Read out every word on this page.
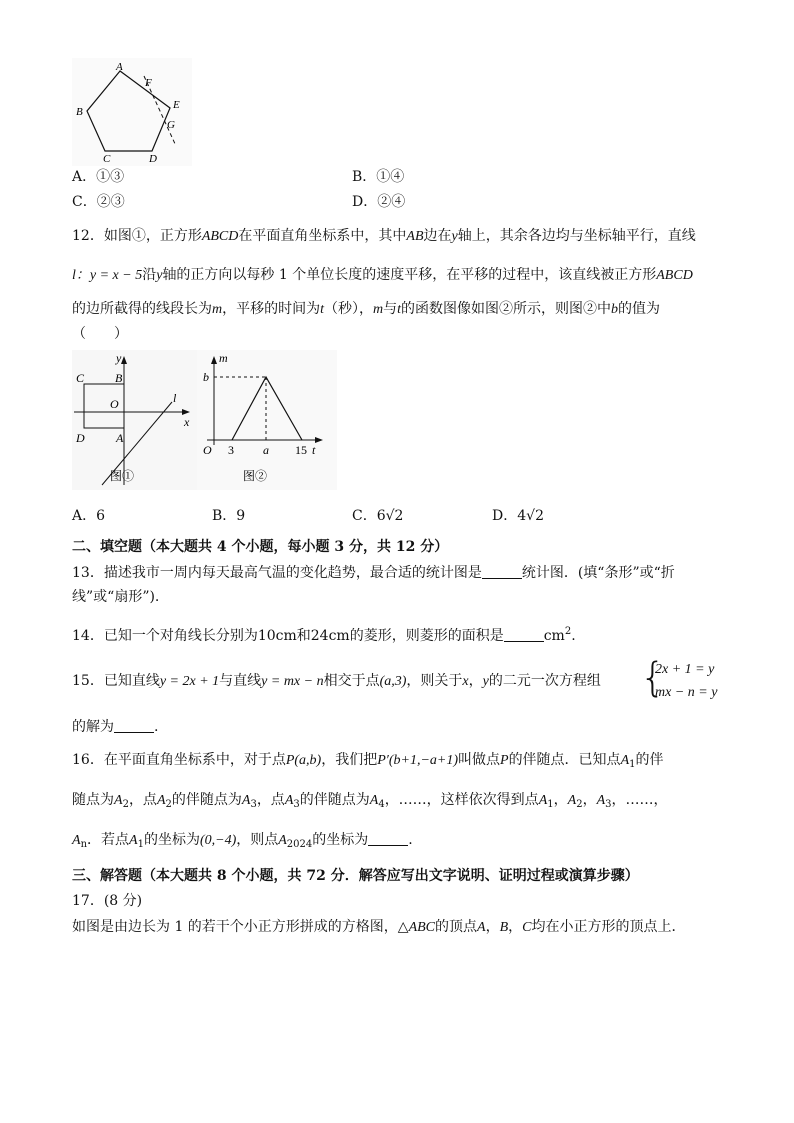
A
B
C	D
E
F
G
A．①③	B．①④
C．②③	D．②④
12．如图①，正方形ABCD在平面直角坐标系中，其中AB边在y轴上，其余各边均与坐标轴平行，直线
l：y = x − 5沿y轴的正方向以每秒 1 个单位长度的速度平移，在平移的过程中，该直线被正方形ABCD
的边所截得的线段长为m，平移的时间为t（秒），m与t的函数图像如图②所示，则图②中b的值为
（　　）
C	B
O
D	A
x
y
l
图①
m
b
O 3 a 15 t
图②
A．6	B．9	C．6√2	D．4√2
二、填空题（本大题共 4 个小题，每小题 3 分，共 12 分）
13．描述我市一周内每天最高气温的变化趋势，最合适的统计图是	统计图．(填“条形”或“折
线”或“扇形”).
14．已知一个对角线长分别为10cm和24cm的菱形，则菱形的面积是	$cm^2$.
15．已知直线y = 2x + 1与直线y = mx − n相交于点(a,3)，则关于x，y的二元一次方程组 {
2x + 1 = y
mx − n = y
的解为	.
16．在平面直角坐标系中，对于点P(a,b)，我们把P′(b+1,−a+1)叫做点P的伴随点．已知点$A_1$的伴
随点为$A_2$，点$A_2$的伴随点为$A_3$，点$A_3$的伴随点为$A_4$，……，这样依次得到点$A_1$，$A_2$，$A_3$，……，
$A_n$．若点$A_1$的坐标为(0,−4)，则点$A_{2024}$的坐标为	.
三、解答题（本大题共 8 个小题，共 72 分．解答应写出文字说明、证明过程或演算步骤）
17．(8 分)
如图是由边长为 1 的若干个小正方形拼成的方格图，△ABC的顶点A，B，C均在小正方形的顶点上．
